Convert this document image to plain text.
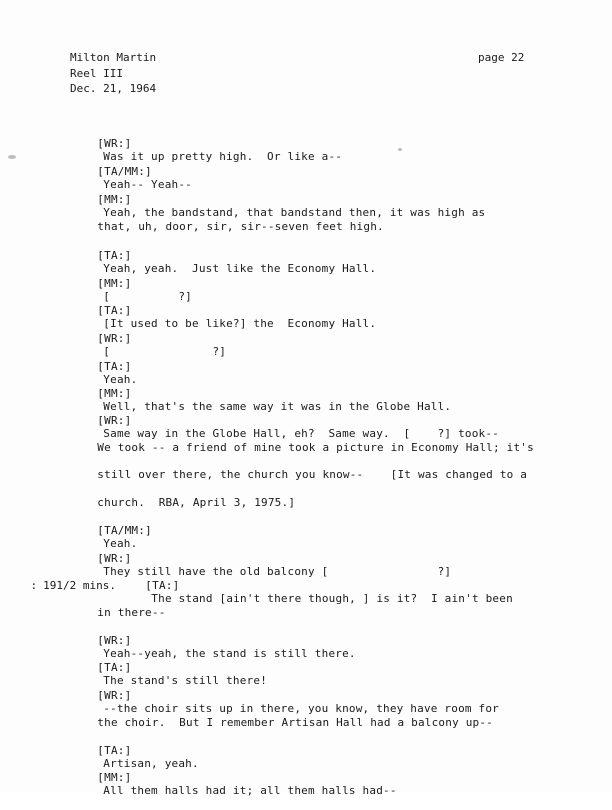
Milton Martin
Reel III
Dec. 21, 1964
page 22

[WR:]
Was it up pretty high.  Or like a--

[TA/MM:]
Yeah-- Yeah--

[MM:]
Yeah, the bandstand, that bandstand then, it was high as

that, uh, door, sir, sir--seven feet high.

[TA:]
Yeah, yeah.  Just like the Economy Hall.

[MM:]
[          ?]

[TA:]
[It used to be like?] the  Economy Hall.

[WR:]
[               ?]

[TA:]
Yeah.

[MM:]
Well, that's the same way it was in the Globe Hall.

[WR:]
Same way in the Globe Hall, eh?  Same way.  [    ?] took--

We took -- a friend of mine took a picture in Economy Hall; it's

still over there, the church you know--    [It was changed to a

church.  RBA, April 3, 1975.]

[TA/MM:]
Yeah.

[WR:]
They still have the old balcony [                ?]

: 191/2 mins.
	[TA:]
The stand [ain't there though, ] is it?  I ain't been

in there--

[WR:]
Yeah--yeah, the stand is still there.

[TA:]
The stand's still there!

[WR:]
--the choir sits up in there, you know, they have room for

the choir.  But I remember Artisan Hall had a balcony up--

[TA:]
Artisan, yeah.

[MM:]
All them halls had it; all them halls had--
